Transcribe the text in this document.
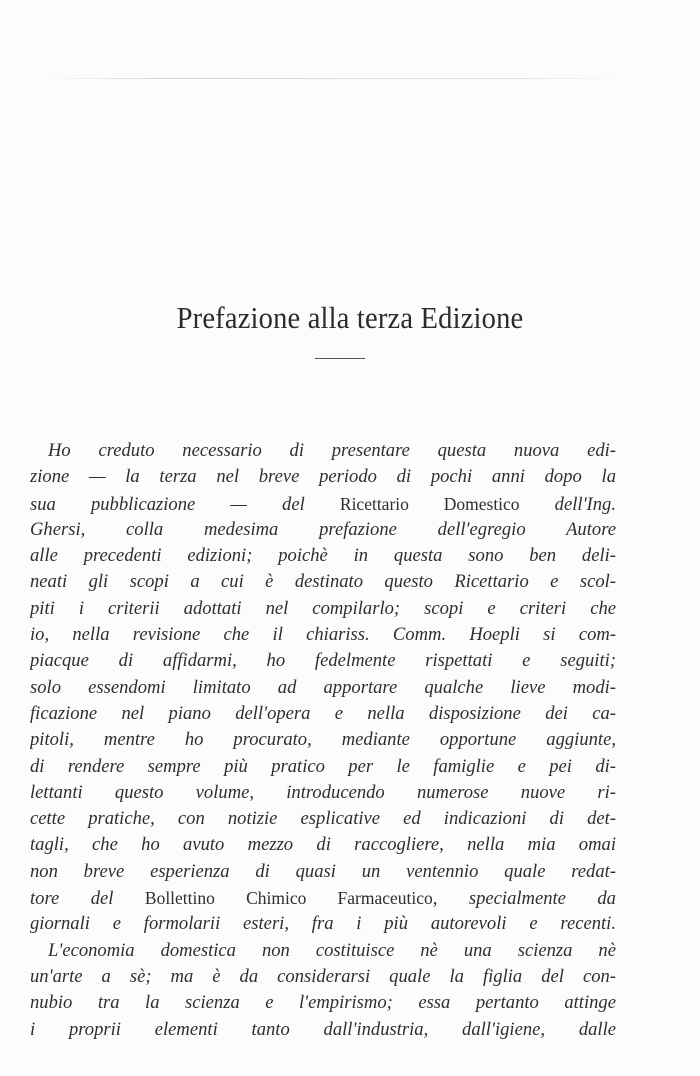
Prefazione alla terza Edizione
Ho creduto necessario di presentare questa nuova edi-
zione — la terza nel breve periodo di pochi anni dopo la
sua pubblicazione — del Ricettario Domestico dell'Ing.
Ghersi, colla medesima prefazione dell'egregio Autore
alle precedenti edizioni; poichè in questa sono ben deli-
neati gli scopi a cui è destinato questo Ricettario e scol-
piti i criterii adottati nel compilarlo; scopi e criteri che
io, nella revisione che il chiariss. Comm. Hoepli si com-
piacque di affidarmi, ho fedelmente rispettati e seguiti;
solo essendomi limitato ad apportare qualche lieve modi-
ficazione nel piano dell'opera e nella disposizione dei ca-
pitoli, mentre ho procurato, mediante opportune aggiunte,
di rendere sempre più pratico per le famiglie e pei di-
lettanti questo volume, introducendo numerose nuove ri-
cette pratiche, con notizie esplicative ed indicazioni di det-
tagli, che ho avuto mezzo di raccogliere, nella mia omai
non breve esperienza di quasi un ventennio quale redat-
tore del Bollettino Chimico Farmaceutico, specialmente da
giornali e formolarii esteri, fra i più autorevoli e recenti.
L'economia domestica non costituisce nè una scienza nè
un'arte a sè; ma è da considerarsi quale la figlia del con-
nubio tra la scienza e l'empirismo; essa pertanto attinge
i proprii elementi tanto dall'industria, dall'igiene, dalle
